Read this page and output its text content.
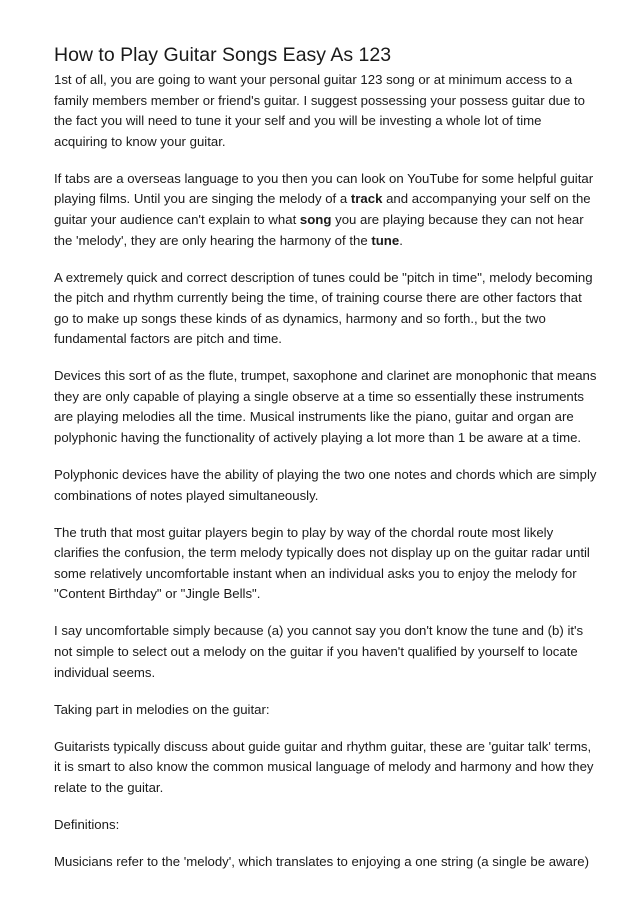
How to Play Guitar Songs Easy As 123

1st of all, you are going to want your personal guitar 123 song or at minimum access to a
family members member or friend's guitar. I suggest possessing your possess guitar due to
the fact you will need to tune it your self and you will be investing a whole lot of time
acquiring to know your guitar.

If tabs are a overseas language to you then you can look on YouTube for some helpful guitar
playing films. Until you are singing the melody of a track and accompanying your self on the
guitar your audience can't explain to what song you are playing because they can not hear
the 'melody', they are only hearing the harmony of the tune.

A extremely quick and correct description of tunes could be "pitch in time", melody becoming
the pitch and rhythm currently being the time, of training course there are other factors that
go to make up songs these kinds of as dynamics, harmony and so forth., but the two
fundamental factors are pitch and time.

Devices this sort of as the flute, trumpet, saxophone and clarinet are monophonic that means
they are only capable of playing a single observe at a time so essentially these instruments
are playing melodies all the time. Musical instruments like the piano, guitar and organ are
polyphonic having the functionality of actively playing a lot more than 1 be aware at a time.

Polyphonic devices have the ability of playing the two one notes and chords which are simply
combinations of notes played simultaneously.

The truth that most guitar players begin to play by way of the chordal route most likely
clarifies the confusion, the term melody typically does not display up on the guitar radar until
some relatively uncomfortable instant when an individual asks you to enjoy the melody for
"Content Birthday" or "Jingle Bells".

I say uncomfortable simply because (a) you cannot say you don't know the tune and (b) it's
not simple to select out a melody on the guitar if you haven't qualified by yourself to locate
individual seems.

Taking part in melodies on the guitar:

Guitarists typically discuss about guide guitar and rhythm guitar, these are 'guitar talk' terms,
it is smart to also know the common musical language of melody and harmony and how they
relate to the guitar.

Definitions:

Musicians refer to the 'melody', which translates to enjoying a one string (a single be aware)
